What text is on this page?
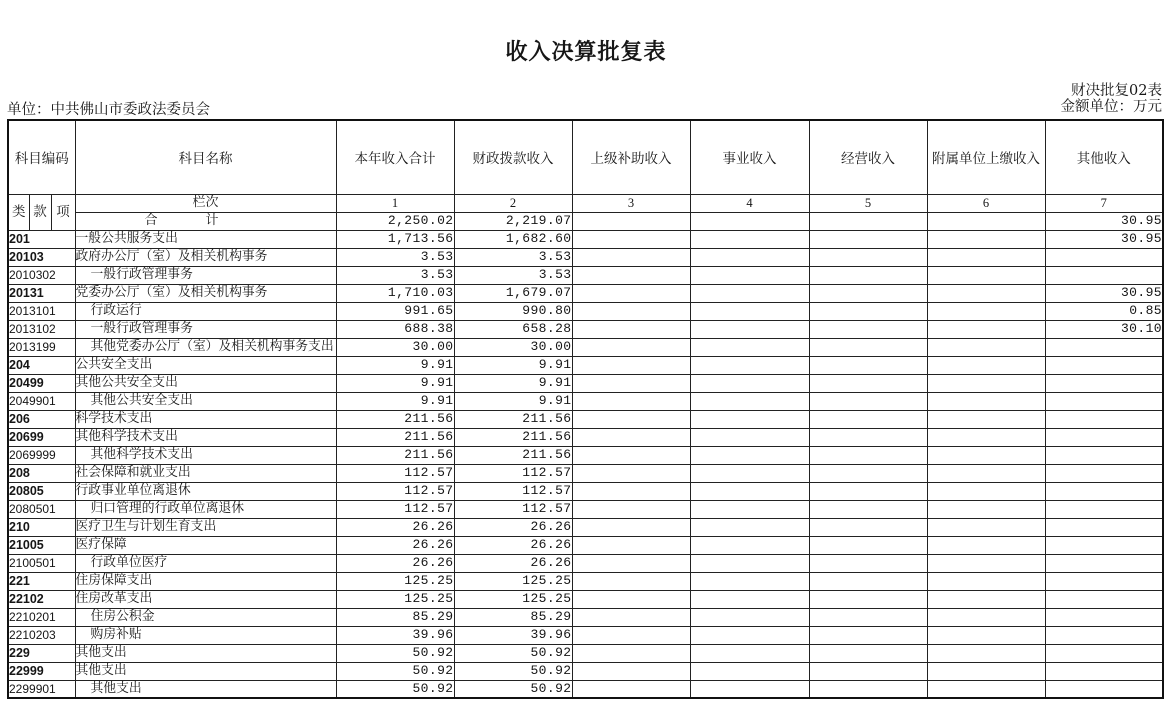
收入决算批复表
财决批复02表
金额单位：万元
单位：中共佛山市委政法委员会
科目编码			科目名称	本年收入合计	财政拨款收入	上级补助收入	事业收入	经营收入	附属单位上缴收入	其他收入
类	款	项	栏次	1	2	3	4	5	6	7
			合计	2,250.02	2,219.07					30.95
201			一般公共服务支出	1,713.56	1,682.60					30.95
20103			政府办公厅（室）及相关机构事务	3.53	3.53					
2010302			一般行政管理事务	3.53	3.53					
20131			党委办公厅（室）及相关机构事务	1,710.03	1,679.07					30.95
2013101			行政运行	991.65	990.80					0.85
2013102			一般行政管理事务	688.38	658.28					30.10
2013199			其他党委办公厅（室）及相关机构事务支出	30.00	30.00					
204			公共安全支出	9.91	9.91					
20499			其他公共安全支出	9.91	9.91					
2049901			其他公共安全支出	9.91	9.91					
206			科学技术支出	211.56	211.56					
20699			其他科学技术支出	211.56	211.56					
2069999			其他科学技术支出	211.56	211.56					
208			社会保障和就业支出	112.57	112.57					
20805			行政事业单位离退休	112.57	112.57					
2080501			归口管理的行政单位离退休	112.57	112.57					
210			医疗卫生与计划生育支出	26.26	26.26					
21005			医疗保障	26.26	26.26					
2100501			行政单位医疗	26.26	26.26					
221			住房保障支出	125.25	125.25					
22102			住房改革支出	125.25	125.25					
2210201			住房公积金	85.29	85.29					
2210203			购房补贴	39.96	39.96					
229			其他支出	50.92	50.92					
22999			其他支出	50.92	50.92					
2299901			其他支出	50.92	50.92					
